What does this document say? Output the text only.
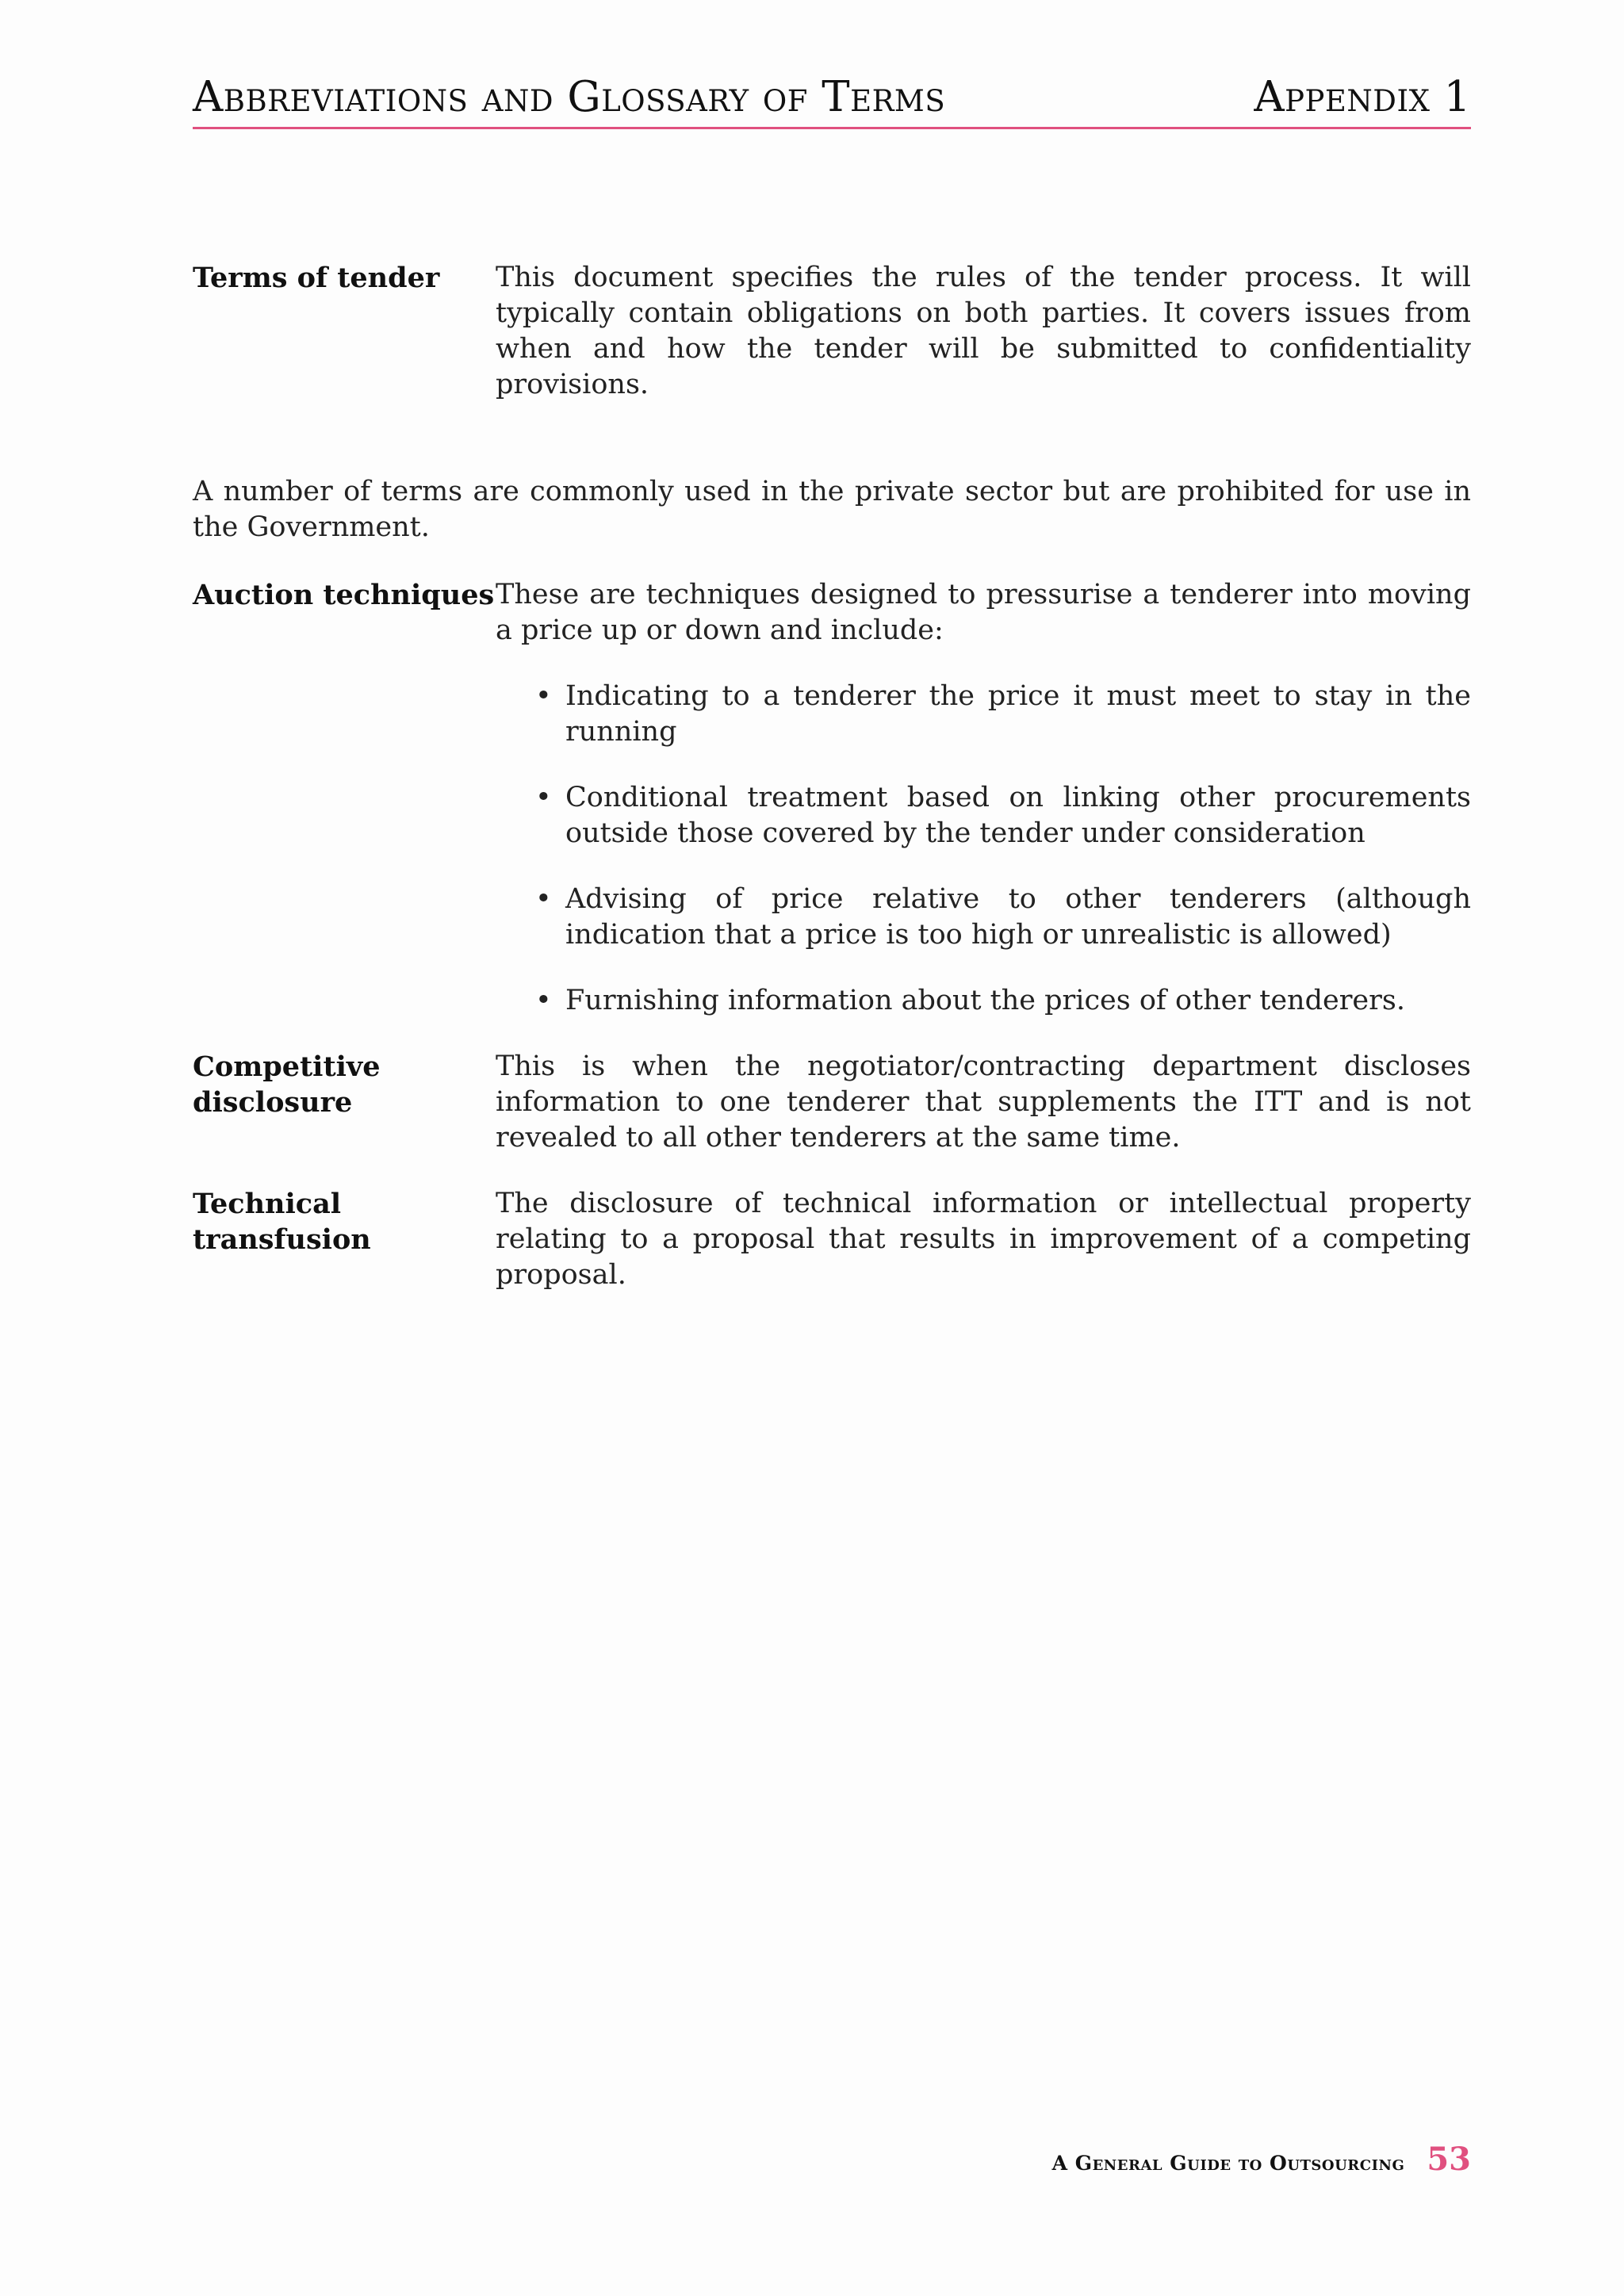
Abbreviations and Glossary of Terms	Appendix 1
Terms of tender	This document specifies the rules of the tender process. It will typically contain obligations on both parties. It covers issues from when and how the tender will be submitted to confidentiality provisions.

A number of terms are commonly used in the private sector but are prohibited for use in the Government.

Auction techniques These are techniques designed to pressurise a tenderer into moving a price up or down and include:

• Indicating to a tenderer the price it must meet to stay in the running
• Conditional treatment based on linking other procurements outside those covered by the tender under consideration
• Advising of price relative to other tenderers (although indication that a price is too high or unrealistic is allowed)
• Furnishing information about the prices of other tenderers.
Competitive
disclosure

This is when the negotiator/contracting department discloses information to one tenderer that supplements the ITT and is not revealed to all other tenderers at the same time.

Technical
transfusion

The disclosure of technical information or intellectual property relating to a proposal that results in improvement of a competing proposal.

A General Guide to Outsourcing 53
